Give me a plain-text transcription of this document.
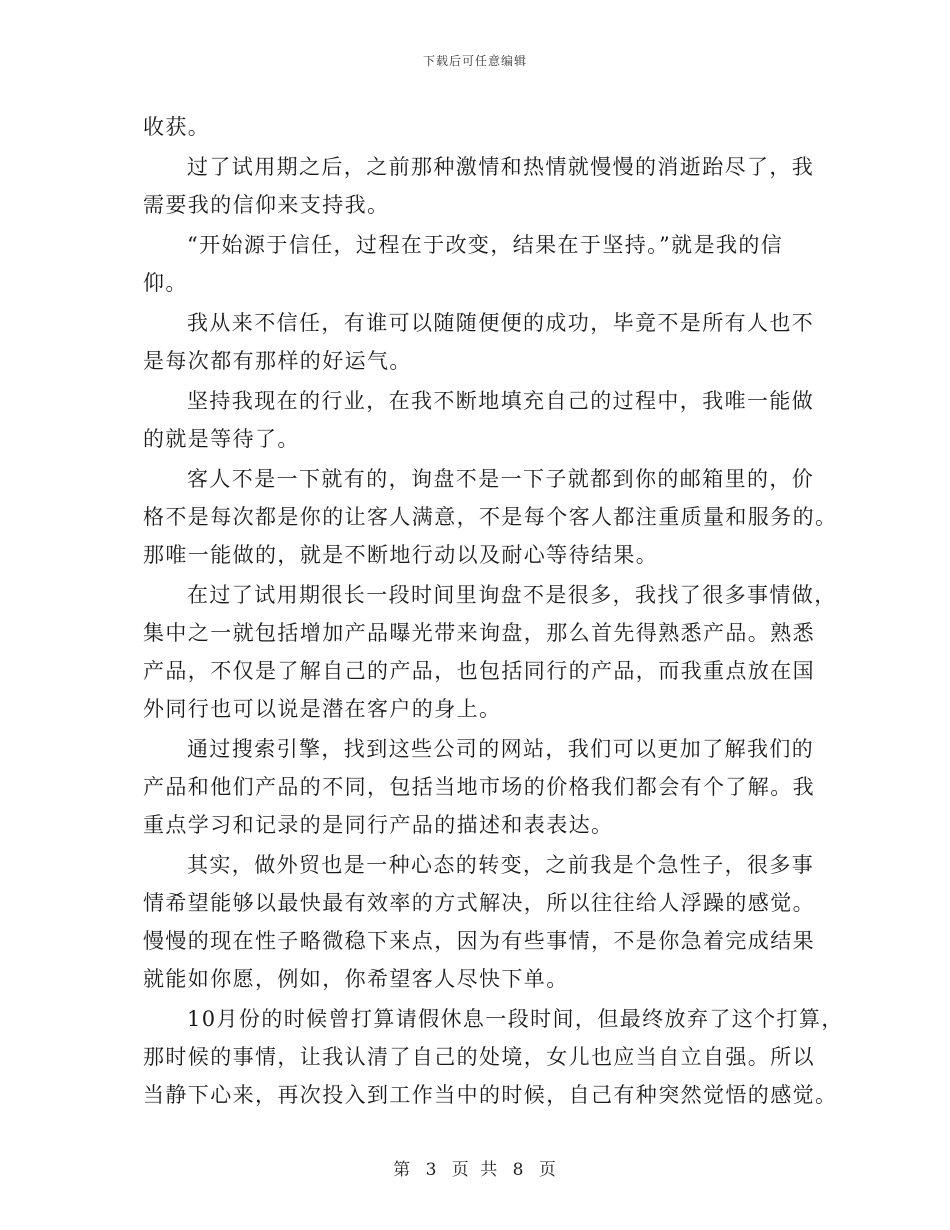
下载后可任意编辑
收获。
过了试用期之后，之前那种激情和热情就慢慢的消逝跆尽了，我
需要我的信仰来支持我。
“开始源于信任，过程在于改变，结果在于坚持。”就是我的信
仰。
我从来不信任，有谁可以随随便便的成功，毕竟不是所有人也不
是每次都有那样的好运气。
坚持我现在的行业，在我不断地填充自己的过程中，我唯一能做
的就是等待了。
客人不是一下就有的，询盘不是一下子就都到你的邮箱里的，价
格不是每次都是你的让客人满意，不是每个客人都注重质量和服务的。
那唯一能做的，就是不断地行动以及耐心等待结果。
在过了试用期很长一段时间里询盘不是很多，我找了很多事情做，
集中之一就包括增加产品曝光带来询盘，那么首先得熟悉产品。熟悉
产品，不仅是了解自己的产品，也包括同行的产品，而我重点放在国
外同行也可以说是潜在客户的身上。
通过搜索引擎，找到这些公司的网站，我们可以更加了解我们的
产品和他们产品的不同，包括当地市场的价格我们都会有个了解。我
重点学习和记录的是同行产品的描述和表表达。
其实，做外贸也是一种心态的转变，之前我是个急性子，很多事
情希望能够以最快最有效率的方式解决，所以往往给人浮躁的感觉。
慢慢的现在性子略微稳下来点，因为有些事情，不是你急着完成结果
就能如你愿，例如，你希望客人尽快下单。
10月份的时候曾打算请假休息一段时间，但最终放弃了这个打算，
那时候的事情，让我认清了自己的处境，女儿也应当自立自强。所以
当静下心来，再次投入到工作当中的时候，自己有种突然觉悟的感觉。
第 3 页 共 8 页
